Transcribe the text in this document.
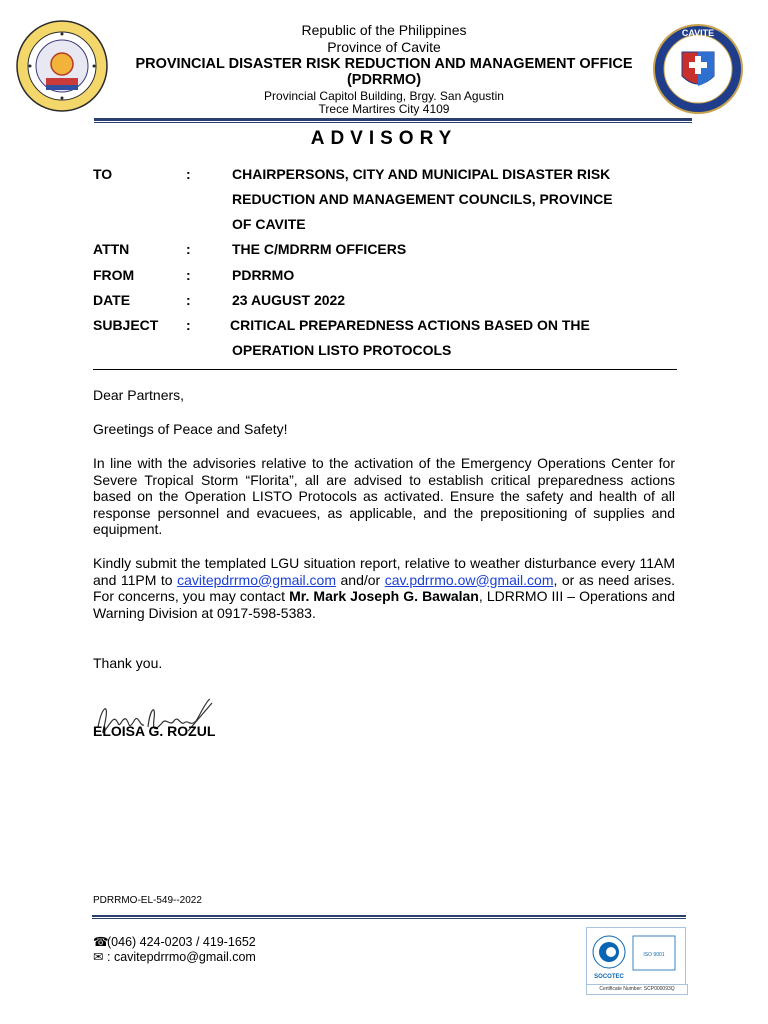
CAVITE
Republic of the Philippines
Province of Cavite
PROVINCIAL DISASTER RISK REDUCTION AND MANAGEMENT OFFICE
(PDRRMO)
Provincial Capitol Building, Brgy. San Agustin
Trece Martires City 4109
ADVISORY
TO	:	CHAIRPERSONS, CITY AND MUNICIPAL DISASTER RISK
REDUCTION AND MANAGEMENT COUNCILS, PROVINCE
OF CAVITE
ATTN	:	THE C/MDRRM OFFICERS
FROM	:	PDRRMO
DATE	:	23 AUGUST 2022
SUBJECT	:	CRITICAL PREPAREDNESS ACTIONS BASED ON THE
OPERATION LISTO PROTOCOLS
Dear Partners,
Greetings of Peace and Safety!
In line with the advisories relative to the activation of the Emergency Operations Center for Severe Tropical Storm “Florita”, all are advised to establish critical preparedness actions based on the Operation LISTO Protocols as activated. Ensure the safety and health of all response personnel and evacuees, as applicable, and the prepositioning of supplies and equipment.
Kindly submit the templated LGU situation report, relative to weather disturbance every 11AM and 11PM to cavitepdrrmo@gmail.com and/or cav.pdrrmo.ow@gmail.com, or as need arises. For concerns, you may contact Mr. Mark Joseph G. Bawalan, LDRRMO III – Operations and Warning Division at 0917-598-5383.
Thank you.
ELOISA G. ROZUL
PDRRMO-EL-549--2022
☎(046) 424-0203 / 419-1652
✉ : cavitepdrrmo@gmail.com
SOCOTEC
ISO 9001
Certificate Number: SCP000093Q
